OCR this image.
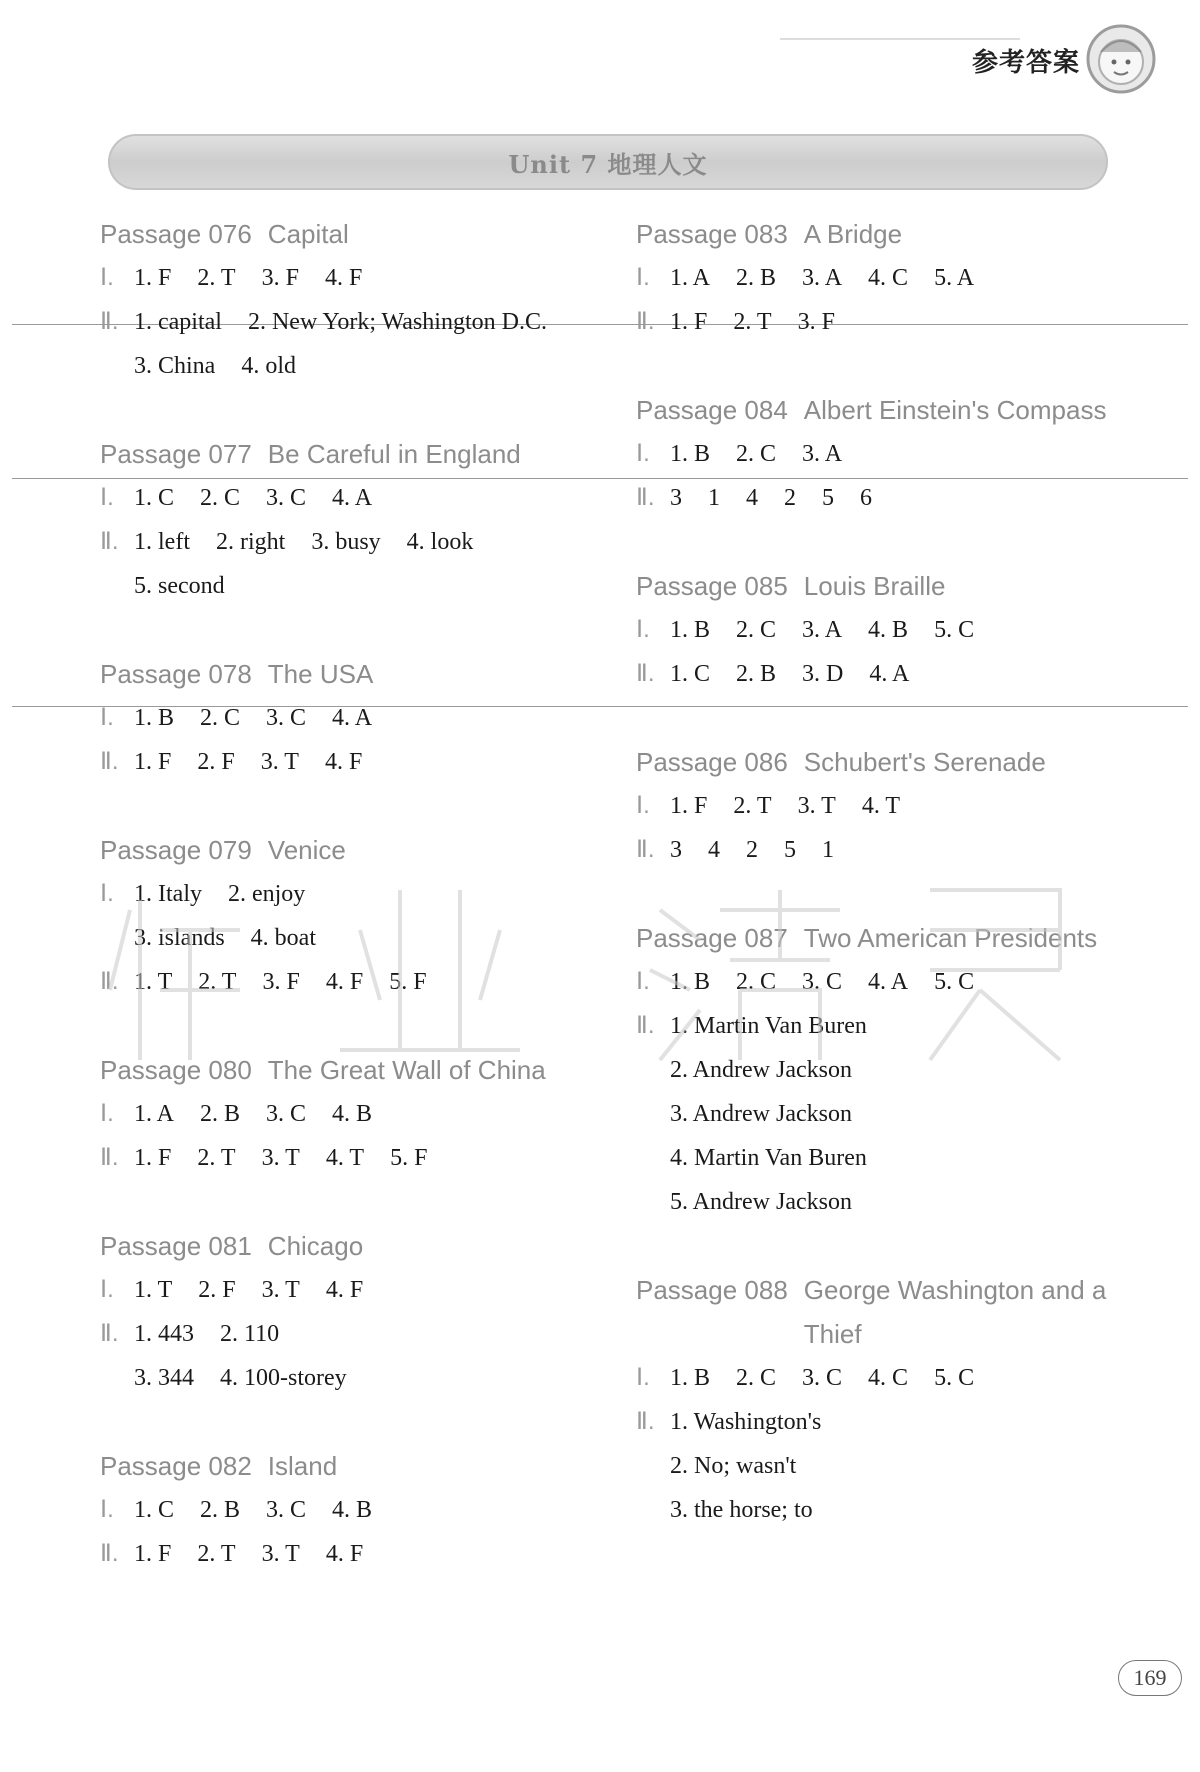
参考答案
Unit 7 地理人文
Passage 076 Capital
Ⅰ. 1. F 2. T 3. F 4. F
Ⅱ. 1. capital 2. New York; Washington D.C.
3. China 4. old
Passage 077 Be Careful in England
Ⅰ. 1. C 2. C 3. C 4. A
Ⅱ. 1. left 2. right 3. busy 4. look
5. second
Passage 078 The USA
Ⅰ. 1. B 2. C 3. C 4. A
Ⅱ. 1. F 2. F 3. T 4. F
Passage 079 Venice
Ⅰ. 1. Italy 2. enjoy
3. islands 4. boat
Ⅱ. 1. T 2. T 3. F 4. F 5. F
Passage 080 The Great Wall of China
Ⅰ. 1. A 2. B 3. C 4. B
Ⅱ. 1. F 2. T 3. T 4. T 5. F
Passage 081 Chicago
Ⅰ. 1. T 2. F 3. T 4. F
Ⅱ. 1. 443 2. 110
3. 344 4. 100-storey
Passage 082 Island
Ⅰ. 1. C 2. B 3. C 4. B
Ⅱ. 1. F 2. T 3. T 4. F
Passage 083 A Bridge
Ⅰ. 1. A 2. B 3. A 4. C 5. A
Ⅱ. 1. F 2. T 3. F
Passage 084 Albert Einstein's Compass
Ⅰ. 1. B 2. C 3. A
Ⅱ. 3 1 4 2 5 6
Passage 085 Louis Braille
Ⅰ. 1. B 2. C 3. A 4. B 5. C
Ⅱ. 1. C 2. B 3. D 4. A
Passage 086 Schubert's Serenade
Ⅰ. 1. F 2. T 3. T 4. T
Ⅱ. 3 4 2 5 1
Passage 087 Two American Presidents
Ⅰ. 1. B 2. C 3. C 4. A 5. C
Ⅱ. 1. Martin Van Buren
2. Andrew Jackson
3. Andrew Jackson
4. Martin Van Buren
5. Andrew Jackson
Passage 088 George Washington and a Thief
Ⅰ. 1. B 2. C 3. C 4. C 5. C
Ⅱ. 1. Washington's
2. No; wasn't
3. the horse; to
169
